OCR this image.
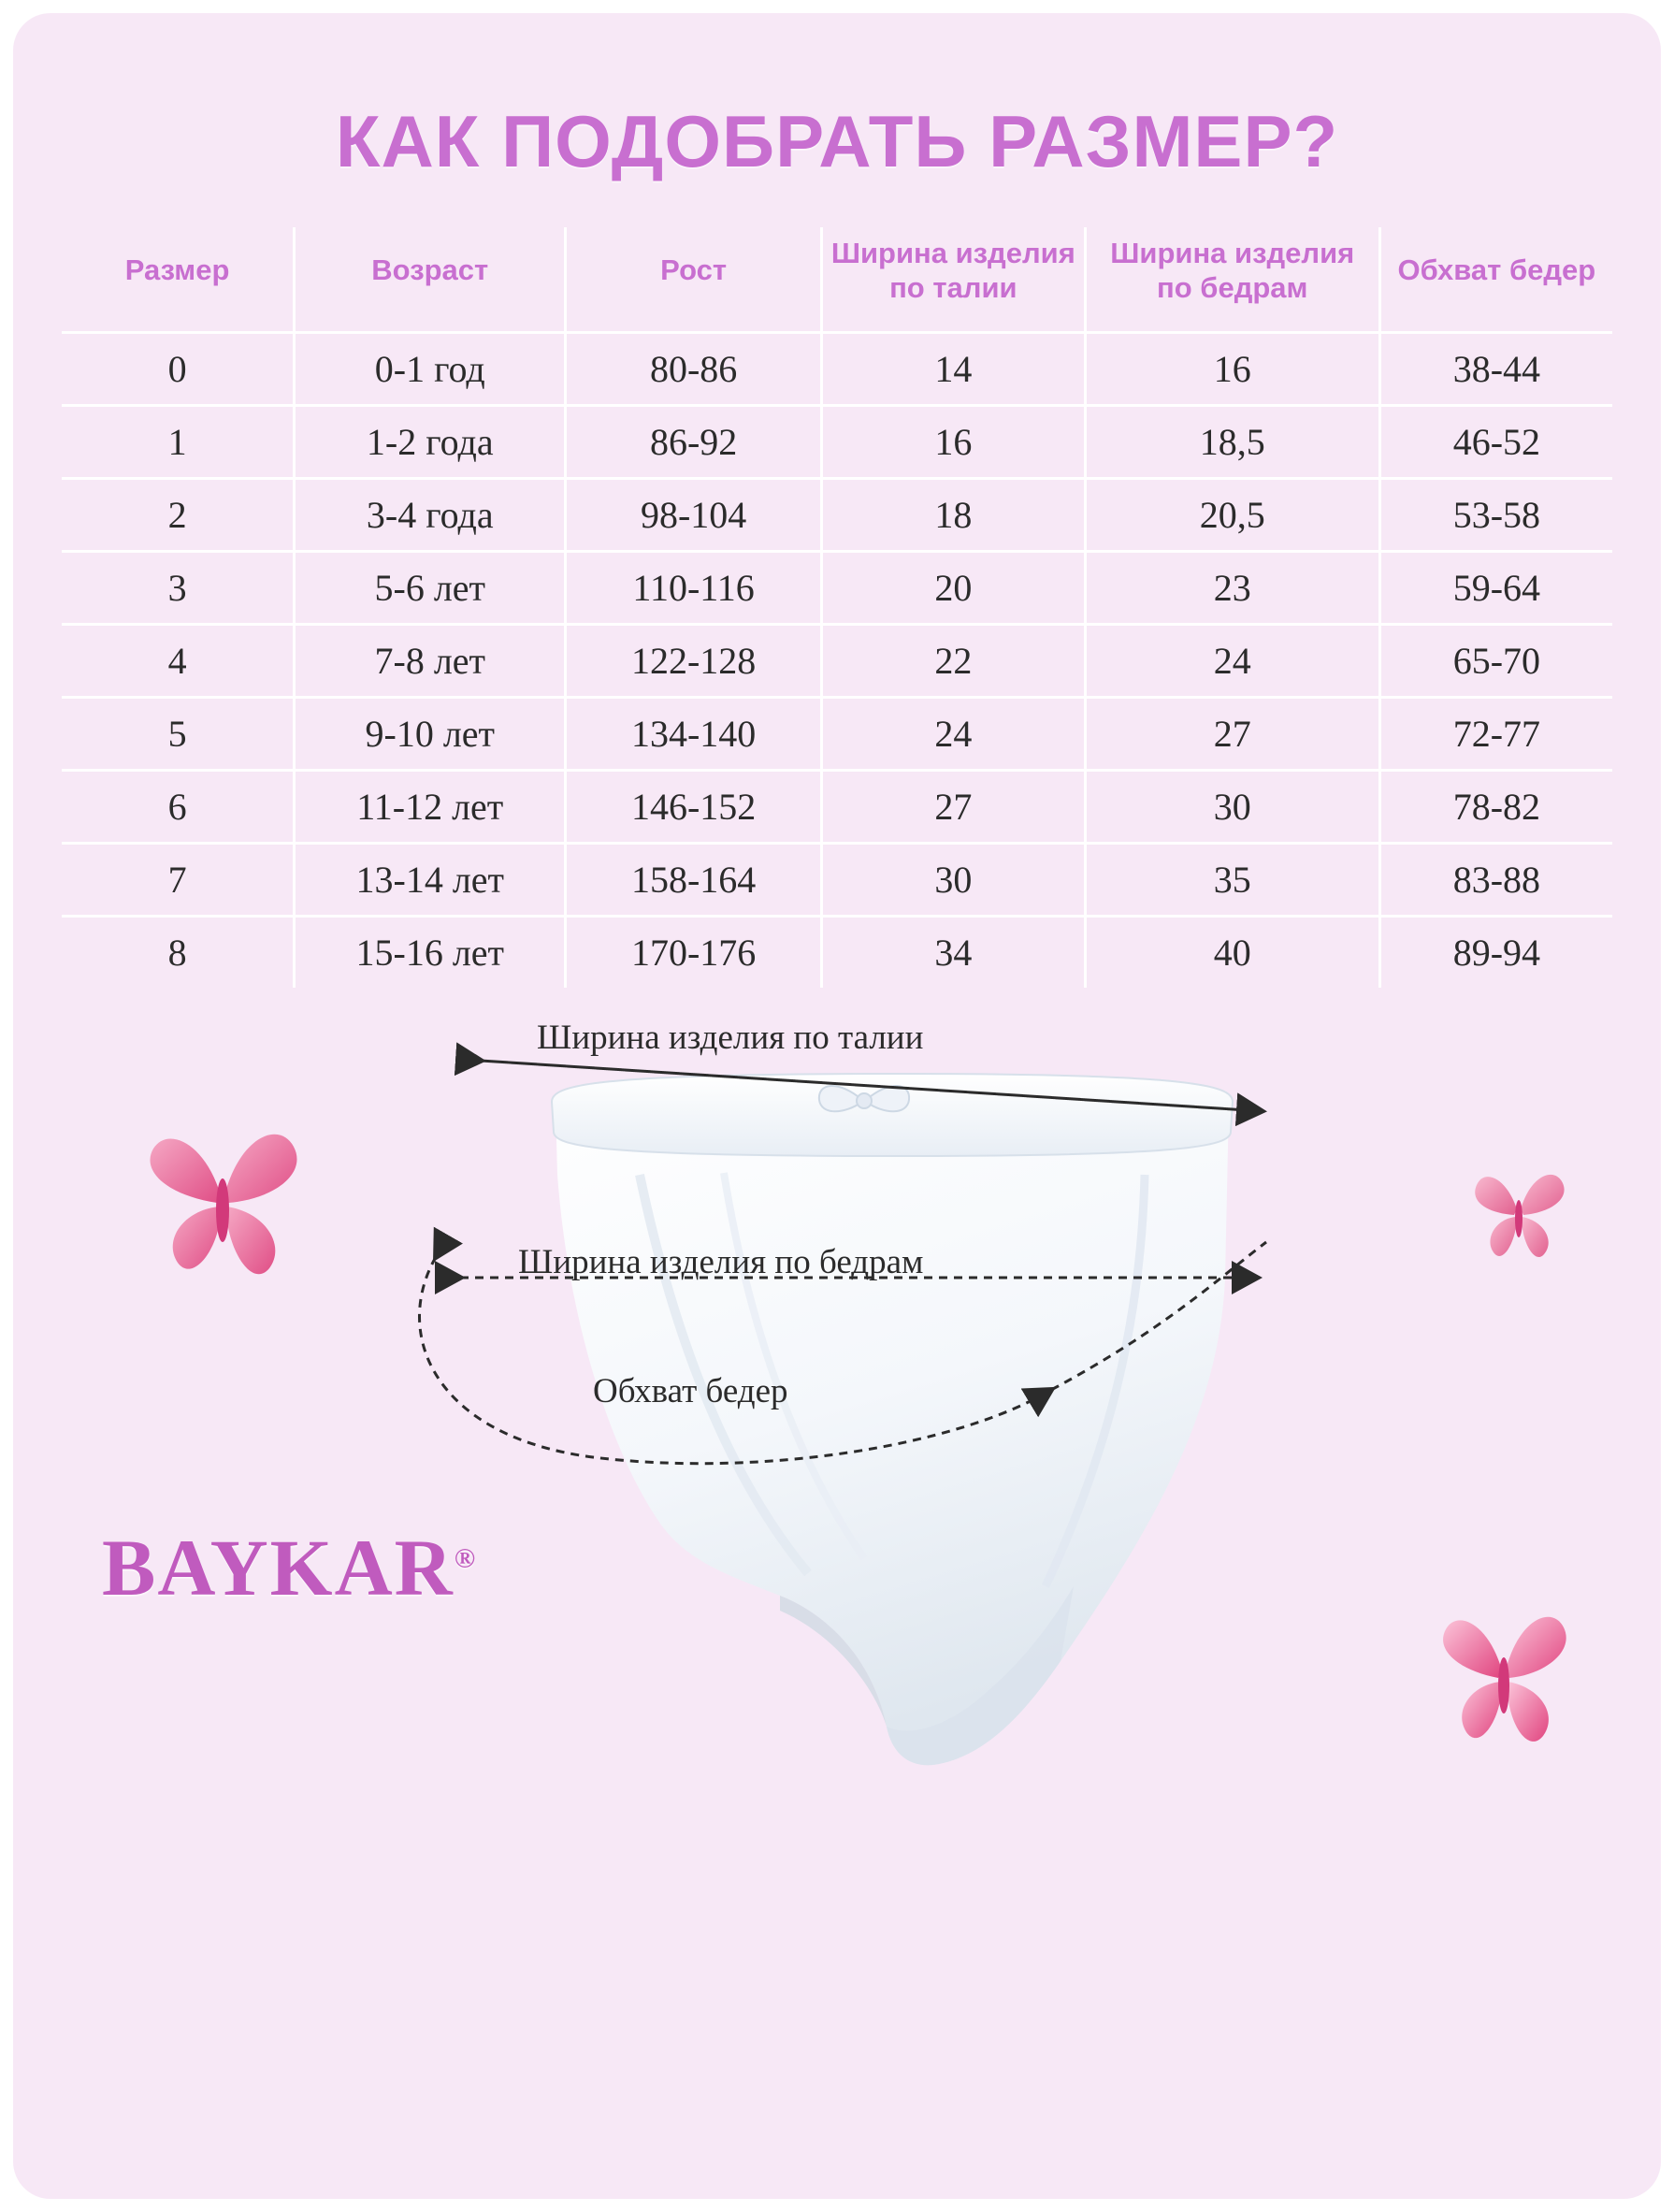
КАК ПОДОБРАТЬ РАЗМЕР?
Размер	Возраст	Рост	Ширина изделия по талии	Ширина изделия по бедрам	Обхват бедер
0	0-1 год	80-86	14	16	38-44
1	1-2 года	86-92	16	18,5	46-52
2	3-4 года	98-104	18	20,5	53-58
3	5-6 лет	110-116	20	23	59-64
4	7-8 лет	122-128	22	24	65-70
5	9-10 лет	134-140	24	27	72-77
6	11-12 лет	146-152	27	30	78-82
7	13-14 лет	158-164	30	35	83-88
8	15-16 лет	170-176	34	40	89-94
Ширина изделия по талии
Ширина изделия по бедрам
Обхват бедер
BAYKAR®
